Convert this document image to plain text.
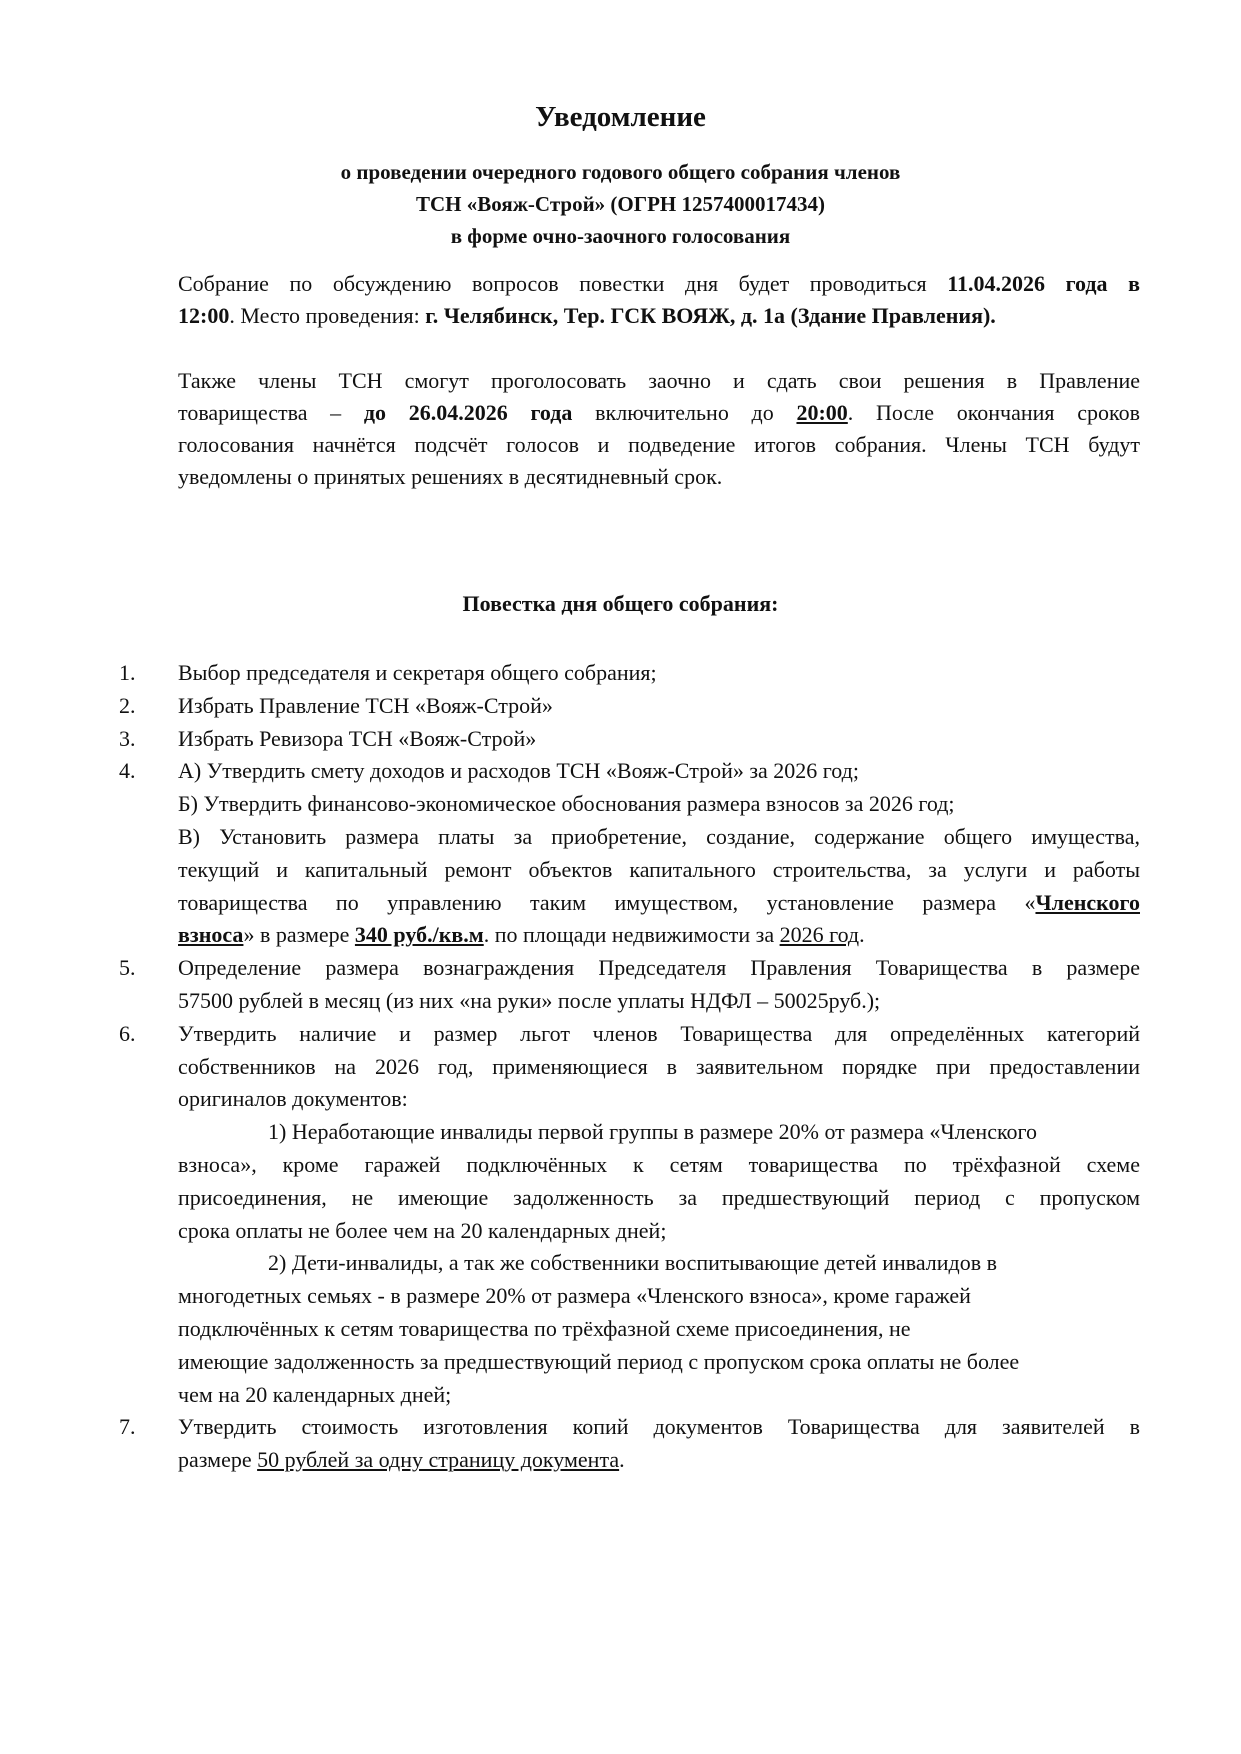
Уведомление
о проведении очередного годового общего собрания членов
ТСН «Вояж-Строй» (ОГРН 1257400017434)
в форме очно-заочного голосования
Собрание по обсуждению вопросов повестки дня будет проводиться 11.04.2026 года в
12:00. Место проведения: г. Челябинск, Тер. ГСК ВОЯЖ, д. 1а (Здание Правления).
Также члены ТСН смогут проголосовать заочно и сдать свои решения в Правление
товарищества – до 26.04.2026 года включительно до 20:00. После окончания сроков
голосования начнётся подсчёт голосов и подведение итогов собрания. Члены ТСН будут
уведомлены о принятых решениях в десятидневный срок.
Повестка дня общего собрания:
1. Выбор председателя и секретаря общего собрания;
2. Избрать Правление ТСН «Вояж-Строй»
3. Избрать Ревизора ТСН «Вояж-Строй»
4. А) Утвердить смету доходов и расходов ТСН «Вояж-Строй» за 2026 год;
Б) Утвердить финансово-экономическое обоснования размера взносов за 2026 год;
В) Установить размера платы за приобретение, создание, содержание общего имущества,
текущий и капитальный ремонт объектов капитального строительства, за услуги и работы
товарищества по управлению таким имуществом, установление размера «Членского
взноса» в размере 340 руб./кв.м. по площади недвижимости за 2026 год.
5. Определение размера вознаграждения Председателя Правления Товарищества в размере
57500 рублей в месяц (из них «на руки» после уплаты НДФЛ – 50025руб.);
6. Утвердить наличие и размер льгот членов Товарищества для определённых категорий
собственников на 2026 год, применяющиеся в заявительном порядке при предоставлении
оригиналов документов:
1) Неработающие инвалиды первой группы в размере 20% от размера «Членского
взноса», кроме гаражей подключённых к сетям товарищества по трёхфазной схеме
присоединения, не имеющие задолженность за предшествующий период с пропуском
срока оплаты не более чем на 20 календарных дней;
2) Дети-инвалиды, а так же собственники воспитывающие детей инвалидов в
многодетных семьях - в размере 20% от размера «Членского взноса», кроме гаражей
подключённых к сетям товарищества по трёхфазной схеме присоединения, не
имеющие задолженность за предшествующий период с пропуском срока оплаты не более
чем на 20 календарных дней;
7. Утвердить стоимость изготовления копий документов Товарищества для заявителей в
размере 50 рублей за одну страницу документа.
